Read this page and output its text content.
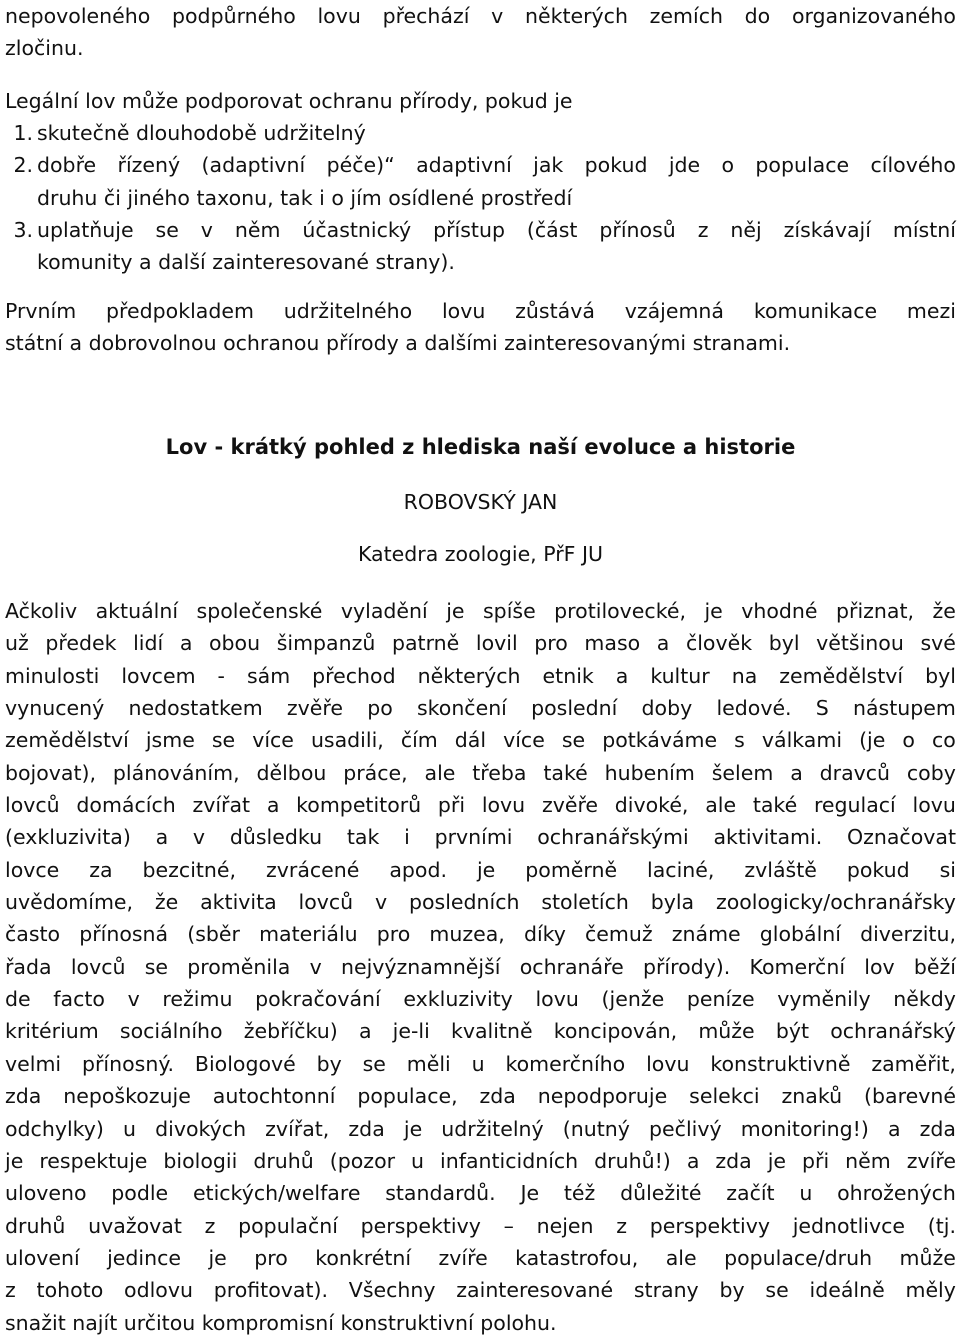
nepovoleného podpůrného lovu přechází v některých zemích do organizovaného
zločinu.

Legální lov může podporovat ochranu přírody, pokud je

1. skutečně dlouhodobě udržitelný
2. dobře řízený (adaptivní péče)“ adaptivní jak pokud jde o populace cílového
druhu či jiného taxonu, tak i o jím osídlené prostředí
3. uplatňuje se v něm účastnický přístup (část přínosů z něj získávají místní
komunity a další zainteresované strany).
Prvním předpokladem udržitelného lovu zůstává vzájemná komunikace mezi
státní a dobrovolnou ochranou přírody a dalšími zainteresovanými stranami.
Lov - krátký pohled z hlediska naší evoluce a historie

ROBOVSKÝ JAN

Katedra zoologie, PřF JU

Ačkoliv aktuální společenské vyladění je spíše protilovecké, je vhodné přiznat, že
už předek lidí a obou šimpanzů patrně lovil pro maso a člověk byl většinou své
minulosti lovcem - sám přechod některých etnik a kultur na zemědělství byl
vynucený nedostatkem zvěře po skončení poslední doby ledové. S nástupem
zemědělství jsme se více usadili, čím dál více se potkáváme s válkami (je o co
bojovat), plánováním, dělbou práce, ale třeba také hubením šelem a dravců coby
lovců domácích zvířat a kompetitorů při lovu zvěře divoké, ale také regulací lovu
(exkluzivita) a v důsledku tak i prvními ochranářskými aktivitami. Označovat
lovce za bezcitné, zvrácené apod. je poměrně laciné, zvláště pokud si
uvědomíme, že aktivita lovců v posledních stoletích byla zoologicky/ochranářsky
často přínosná (sběr materiálu pro muzea, díky čemuž známe globální diverzitu,
řada lovců se proměnila v nejvýznamnější ochranáře přírody). Komerční lov běží
de facto v režimu pokračování exkluzivity lovu (jenže peníze vyměnily někdy
kritérium sociálního žebříčku) a je-li kvalitně koncipován, může být ochranářský
velmi přínosný. Biologové by se měli u komerčního lovu konstruktivně zaměřit,
zda nepoškozuje autochtonní populace, zda nepodporuje selekci znaků (barevné
odchylky) u divokých zvířat, zda je udržitelný (nutný pečlivý monitoring!) a zda
je respektuje biologii druhů (pozor u infanticidních druhů!) a zda je při něm zvíře
uloveno podle etických/welfare standardů. Je též důležité začít u ohrožených
druhů uvažovat z populační perspektivy – nejen z perspektivy jednotlivce (tj.
ulovení jedince je pro konkrétní zvíře katastrofou, ale populace/druh může
z tohoto odlovu profitovat). Všechny zainteresované strany by se ideálně měly
snažit najít určitou kompromisní konstruktivní polohu.
